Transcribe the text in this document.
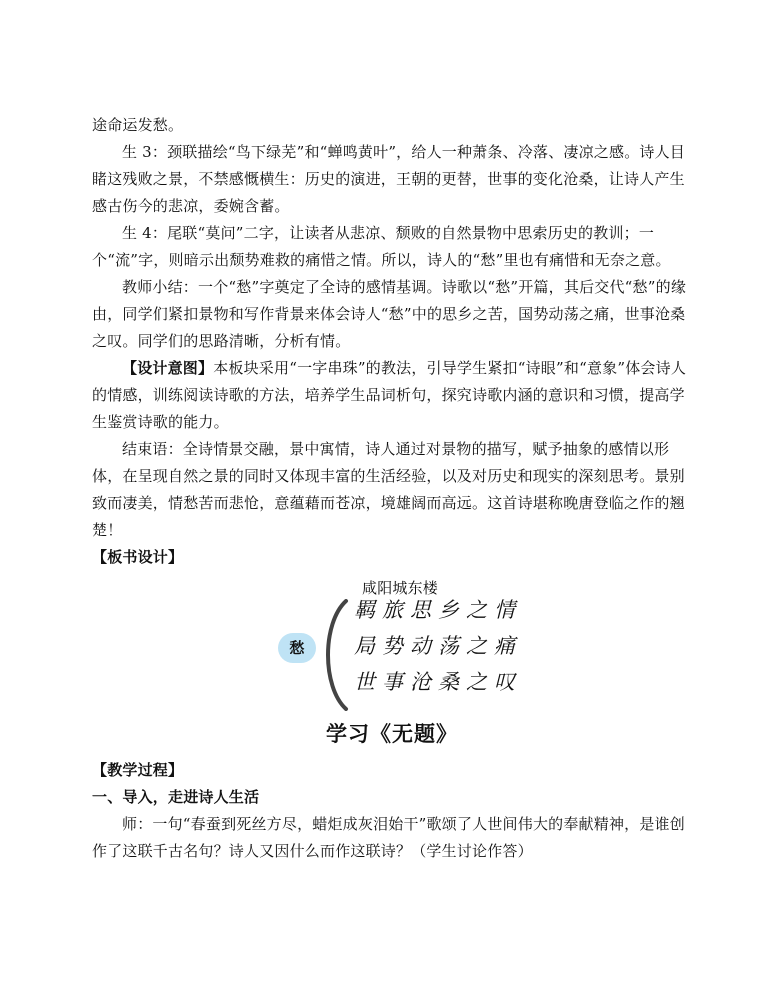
途命运发愁。

生 3：颈联描绘“鸟下绿芜”和“蝉鸣黄叶”，给人一种萧条、冷落、凄凉之感。诗人目睹这残败之景，不禁感慨横生：历史的演进，王朝的更替，世事的变化沧桑，让诗人产生感古伤今的悲凉，委婉含蓄。

生 4：尾联“莫问”二字，让读者从悲凉、颓败的自然景物中思索历史的教训；一个“流”字，则暗示出颓势难救的痛惜之情。所以，诗人的“愁”里也有痛惜和无奈之意。

教师小结：一个“愁”字奠定了全诗的感情基调。诗歌以“愁”开篇，其后交代“愁”的缘由，同学们紧扣景物和写作背景来体会诗人“愁”中的思乡之苦，国势动荡之痛，世事沧桑之叹。同学们的思路清晰，分析有情。

【设计意图】本板块采用“一字串珠”的教法，引导学生紧扣“诗眼”和“意象”体会诗人的情感，训练阅读诗歌的方法，培养学生品词析句，探究诗歌内涵的意识和习惯，提高学生鉴赏诗歌的能力。

结束语：全诗情景交融，景中寓情，诗人通过对景物的描写，赋予抽象的感情以形体，在呈现自然之景的同时又体现丰富的生活经验，以及对历史和现实的深刻思考。景别致而凄美，情愁苦而悲怆，意蕴藉而苍凉，境雄阔而高远。这首诗堪称晚唐登临之作的翘楚！

【板书设计】

咸阳城东楼
愁
羁旅思乡之情
局势动荡之痛
世事沧桑之叹
学习《无题》

【教学过程】

一、导入，走进诗人生活

师：一句“春蚕到死丝方尽，蜡炬成灰泪始干”歌颂了人世间伟大的奉献精神，是谁创作了这联千古名句？诗人又因什么而作这联诗？（学生讨论作答）
